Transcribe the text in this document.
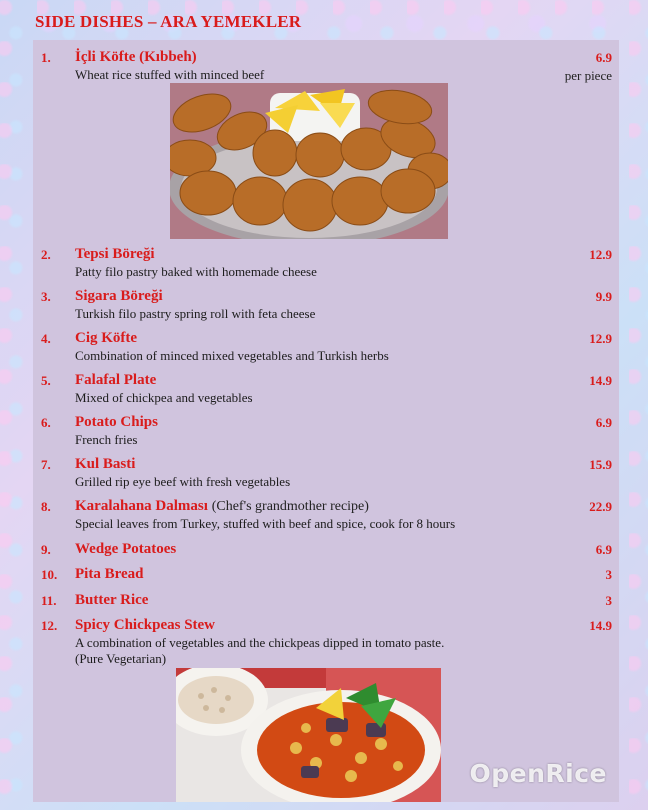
SIDE DISHES – ARA YEMEKLER
1. İçli Köfte (Kıbbeh)	6.9
per piece
Wheat rice stuffed with minced beef
2. Tepsi Böreği	12.9
Patty filo pastry baked with homemade cheese
3. Sigara Böreği	9.9
Turkish filo pastry spring roll with feta cheese
4. Cig Köfte	12.9
Combination of minced mixed vegetables and Turkish herbs
5. Falafal Plate	14.9
Mixed of chickpea and vegetables
6. Potato Chips	6.9
French fries
7. Kul Basti	15.9
Grilled rip eye beef with fresh vegetables
8. Karalahana Dalması (Chef's grandmother recipe)	22.9
Special leaves from Turkey, stuffed with beef and spice, cook for 8 hours
9. Wedge Potatoes	6.9
10. Pita Bread	3
11. Butter Rice	3
12. Spicy Chickpeas Stew	14.9
A combination of vegetables and the chickpeas dipped in tomato paste.
(Pure Vegetarian)
OpenRice
